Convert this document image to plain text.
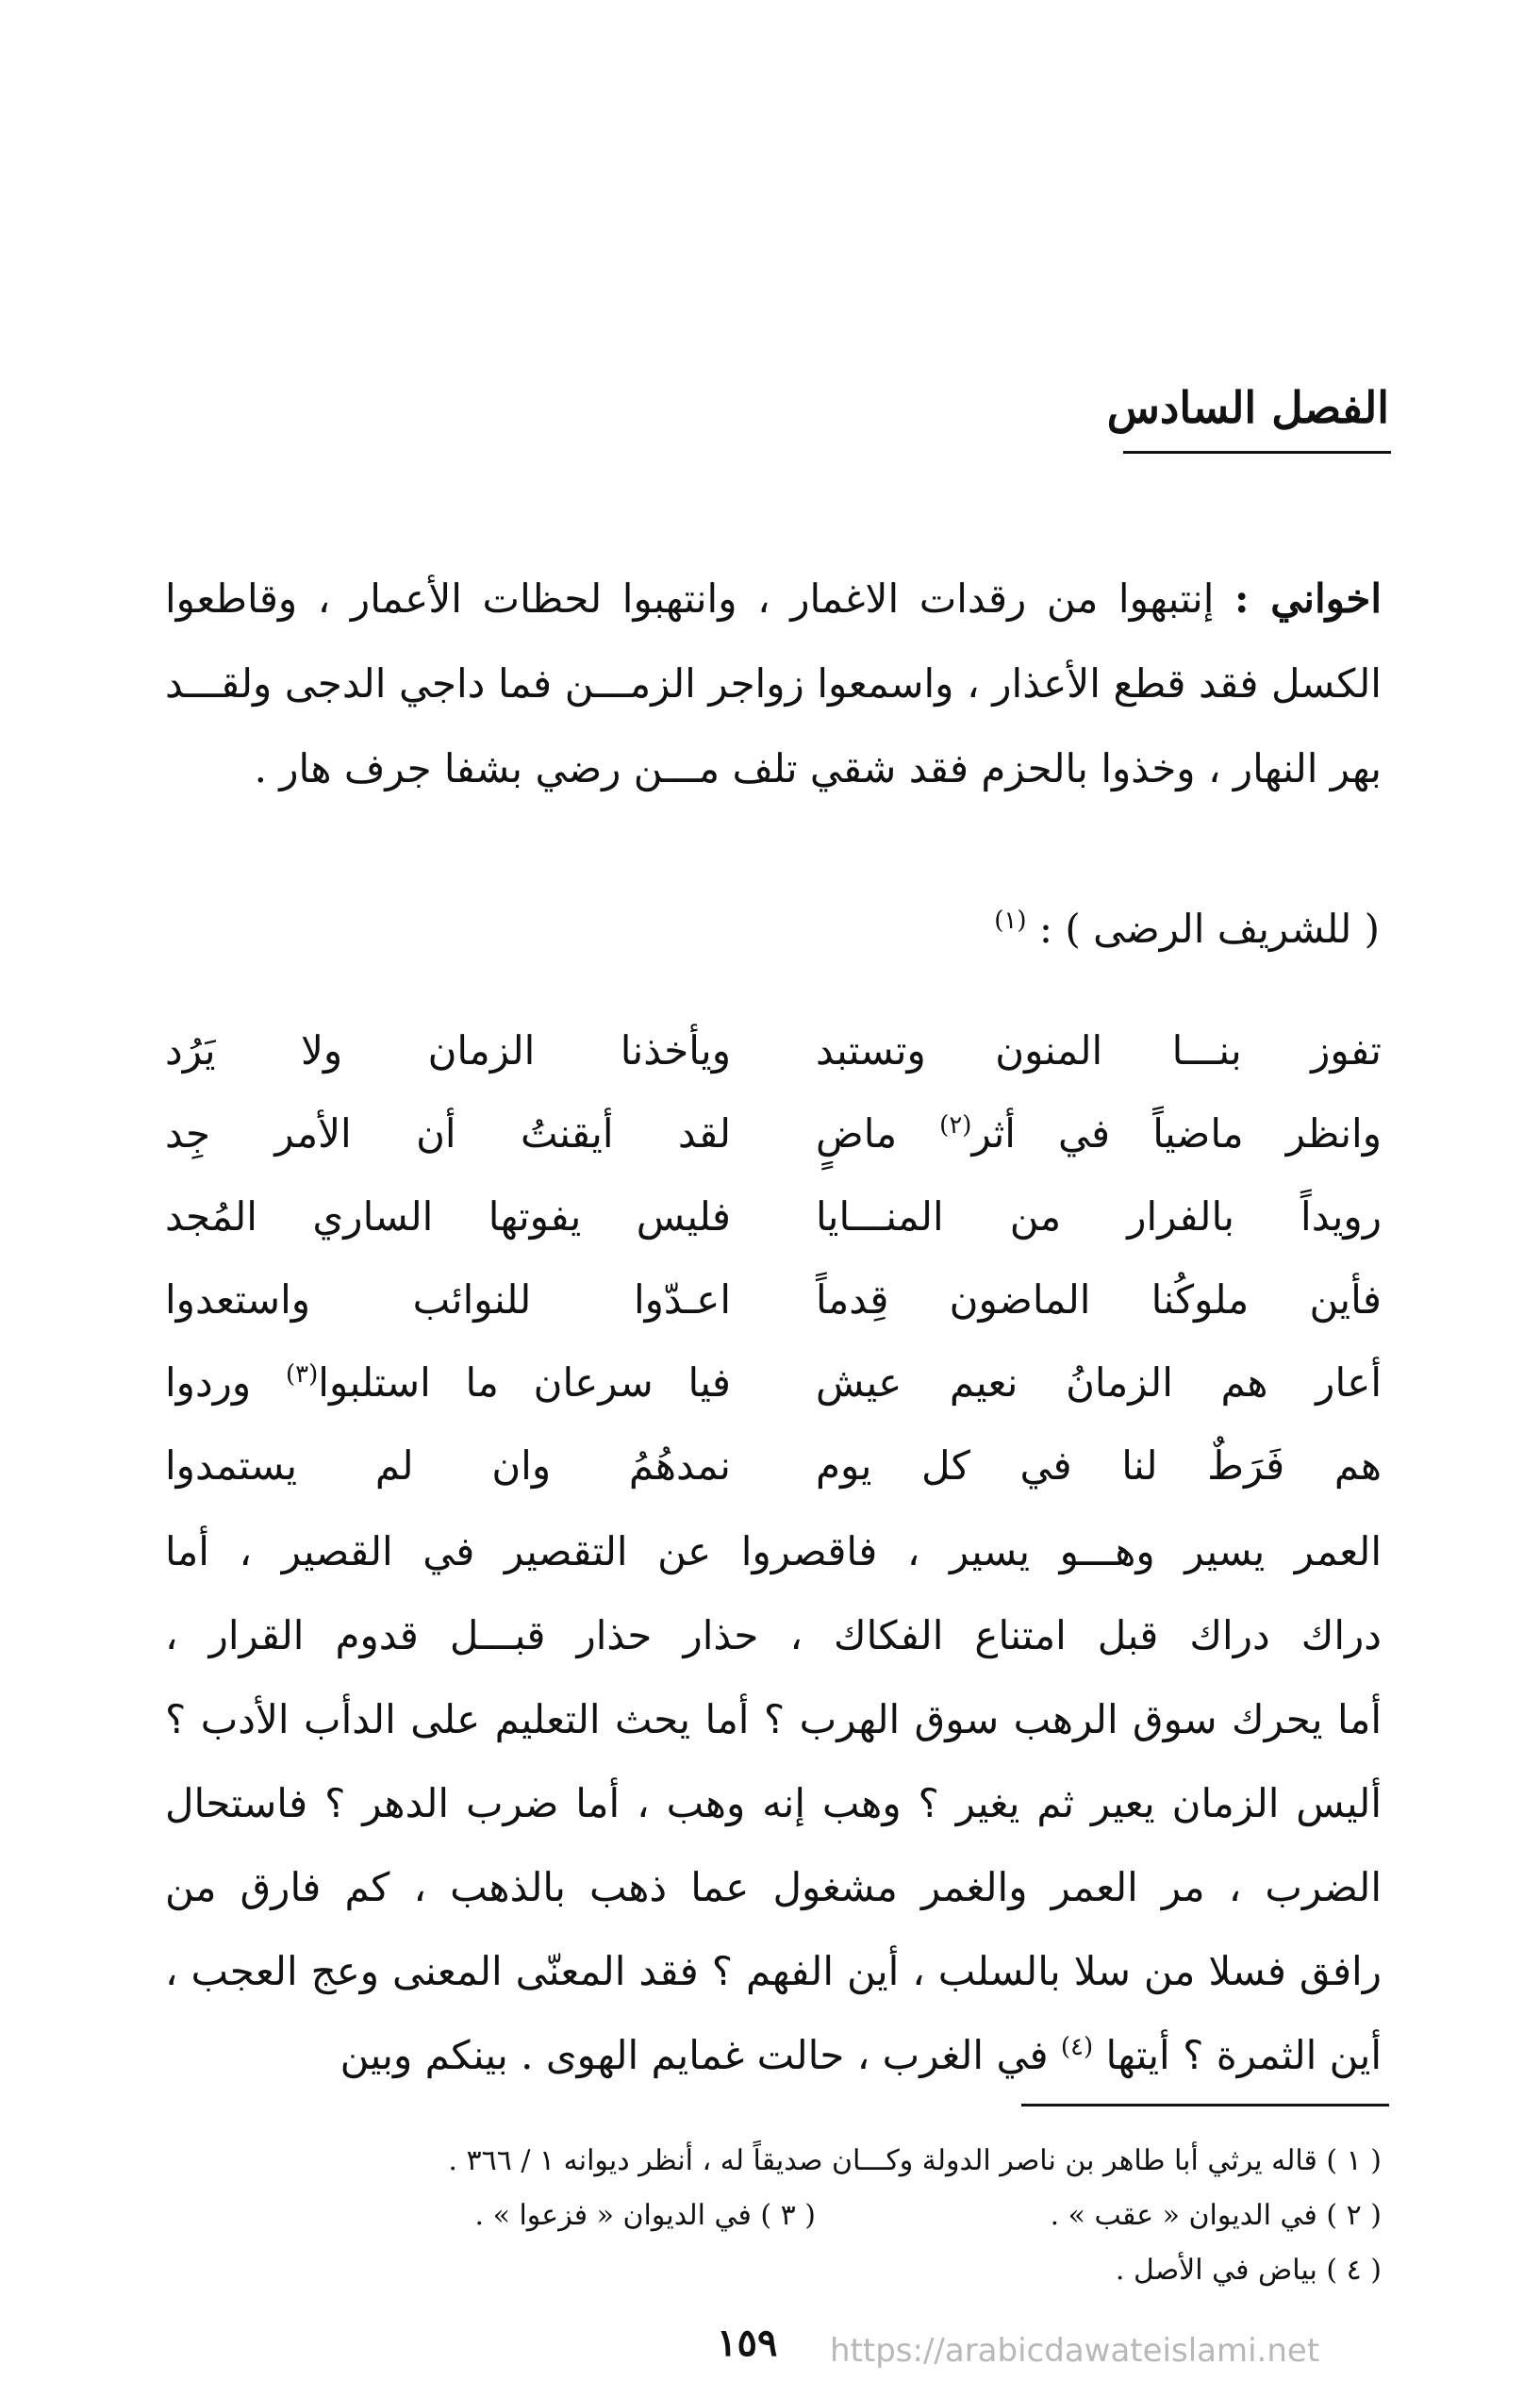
الفصل السادس

اخواني : إنتبهوا من رقدات الاغمار ، وانتهبوا لحظات الأعمار ، وقاطعوا الكسل فقد قطع الأعذار ، واسمعوا زواجر الزمـــن فما داجي الدجى ولقـــد بهر النهار ، وخذوا بالحزم فقد شقي تلف مـــن رضي بشفا جرف هار .

( للشريف الرضى ) : $^{(١)}$
تفوز بنـــا المنون وتستبد
ويأخذنا الزمان ولا يَرُد
وانظر ماضياً في أثر$^{(٢)}$ ماضٍ
لقد أيقنتُ أن الأمر جِد
رويداً بالفرار من المنـــايا
فليس يفوتها الساري المُجد
فأين ملوكُنا الماضون قِدماً
اعـدّوا للنوائب واستعدوا
أعار هم الزمانُ نعيم عيش
فيا سرعان ما استلبوا$^{(٣)}$ وردوا
هم فَرَطٌ لنا في كل يوم
نمدهُمُ وان لم يستمدوا

العمر يسير وهـــو يسير ، فاقصروا عن التقصير في القصير ، أما
دراك دراك قبل امتناع الفكاك ، حذار حذار قبـــل قدوم القرار ،
أما يحرك سوق الرهب سوق الهرب ؟ أما يحث التعليم على الدأب الأدب ؟
أليس الزمان يعير ثم يغير ؟ وهب إنه وهب ، أما ضرب الدهر ؟ فاستحال
الضرب ، مر العمر والغمر مشغول عما ذهب بالذهب ، كم فارق من
رافق فسلا من سلا بالسلب ، أين الفهم ؟ فقد المعنّى المعنى وعج العجب ،
أين الثمرة ؟ أيتها $^{(٤)}$ في الغرب ، حالت غمايم الهوى . بينكم وبين

( ١ ) قاله يرثي أبا طاهر بن ناصر الدولة وكـــان صديقاً له ، أنظر ديوانه ١ / ٣٦٦ .
( ٢ ) في الديوان « عقب » .
( ٣ ) في الديوان « فزعوا » .
( ٤ ) بياض في الأصل .
١٥٩ https://arabicdawateislami.net
